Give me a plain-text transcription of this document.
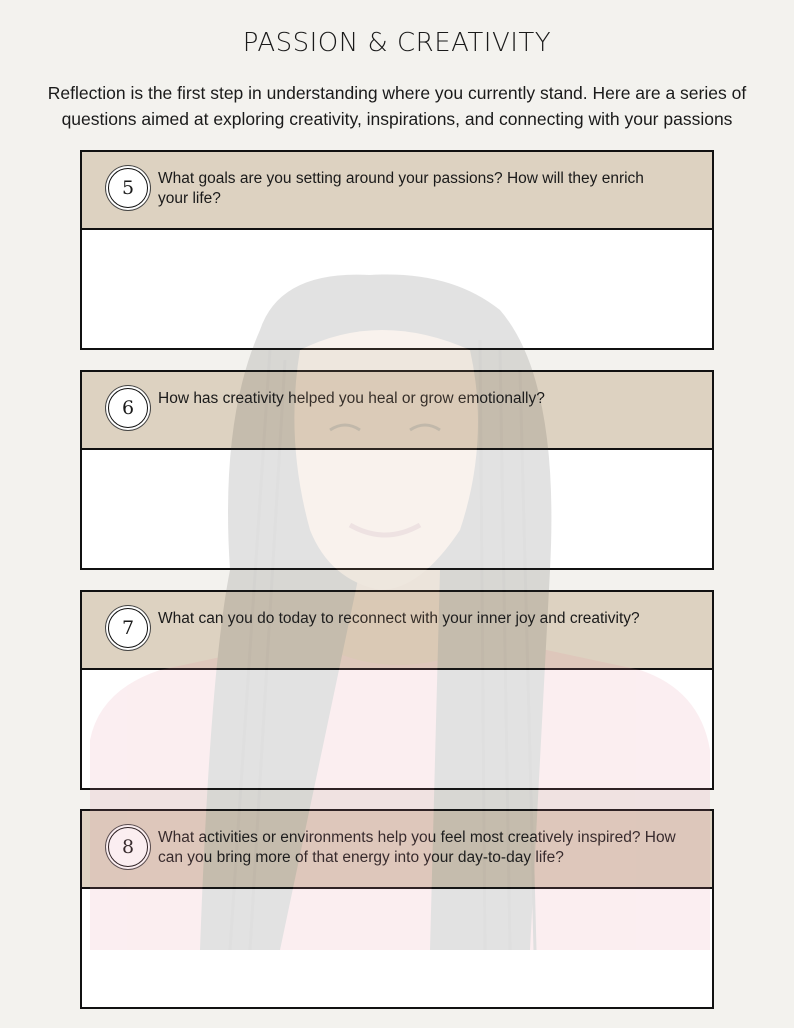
PASSION & CREATIVITY
Reflection is the first step in understanding where you currently stand. Here are a series of questions aimed at exploring creativity, inspirations, and connecting with your passions
5	What goals are you setting around your passions? How will they enrich your life?
6	How has creativity helped you heal or grow emotionally?
7	What can you do today to reconnect with your inner joy and creativity?
8	What activities or environments help you feel most creatively inspired? How can you bring more of that energy into your day-to-day life?
